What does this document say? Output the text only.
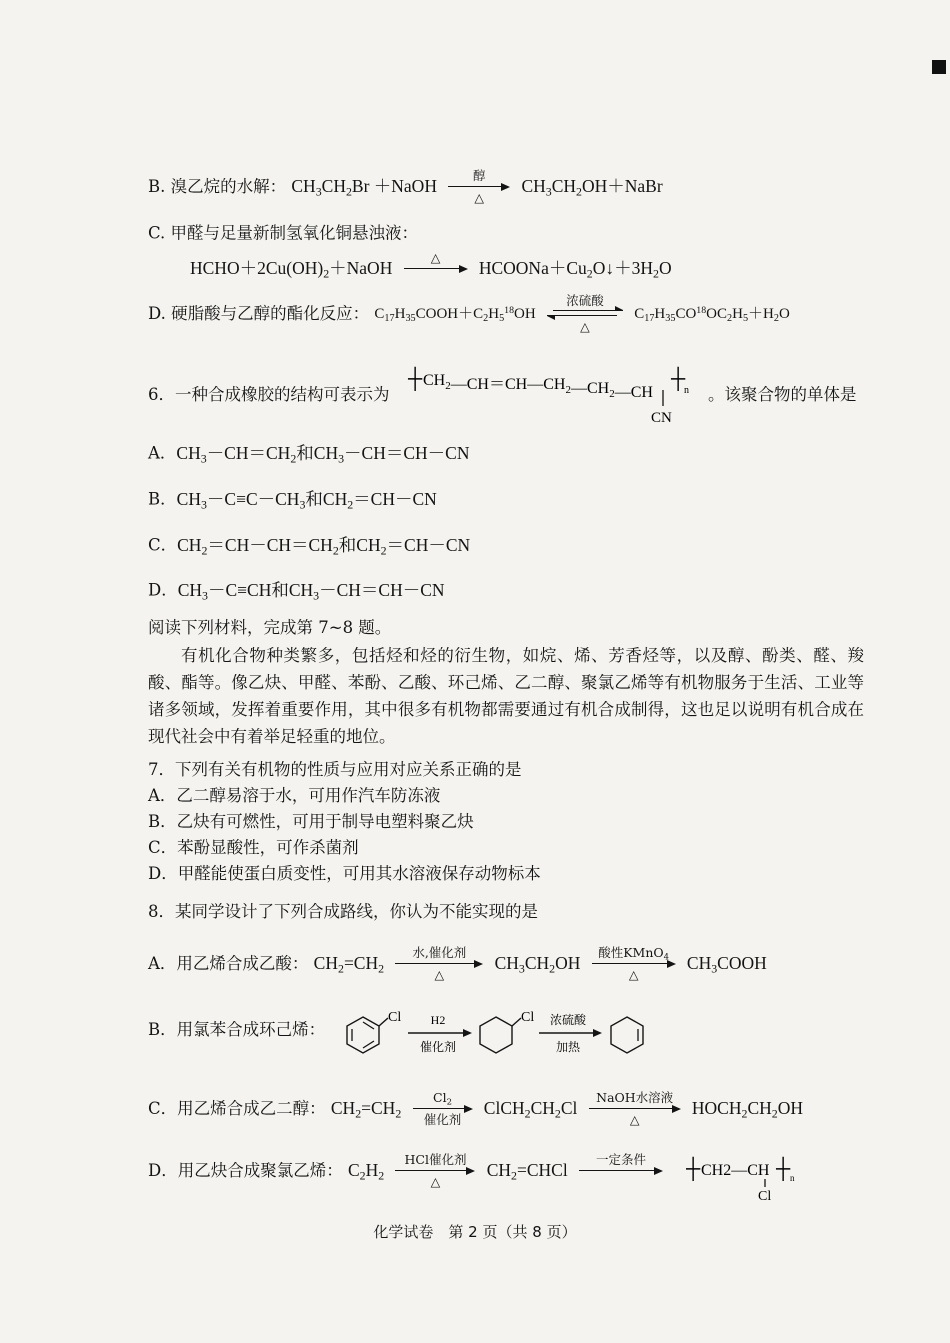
B. 溴乙烷的水解： $CH_3CH_2Br$ ＋NaOH
醇
△
$CH_3CH_2OH+NaBr$
C. 甲醛与足量新制氢氧化铜悬浊液：
$HCHO+2Cu(OH)_2+NaOH$
△
$HCOONa+Cu_2O↓+3H_2O$
D. 硬脂酸与乙醇的酯化反应： $C_{17}H_{35}COOH+C_2H_5^{18}OH$
浓硫酸
△
$C_{17}H_{35}CO^{18}OC_2H_5+H_2O$
6．一种合成橡胶的结构可表示为
┼ $CH_2—CH=CH—CH_2—CH_2—CH$
┼
n
CN
。该聚合物的单体是
A．$CH_3-CH=CH_2$和$CH_3-CH=CH-CN$
B．$CH_3-C\equiv C-CH_3$和$CH_2=CH-CN$
C．$CH_2=CH-CH=CH_2$和$CH_2=CH-CN$
D．$CH_3-C\equiv CH$和$CH_3-CH=CH-CN$
阅读下列材料，完成第 7~8 题。
有机化合物种类繁多，包括烃和烃的衍生物，如烷、烯、芳香烃等，以及醇、酚类、醛、羧酸、酯等。像乙炔、甲醛、苯酚、乙酸、环己烯、乙二醇、聚氯乙烯等有机物服务于生活、工业等诸多领域，发挥着重要作用，其中很多有机物都需要通过有机合成制得，这也足以说明有机合成在现代社会中有着举足轻重的地位。
7．下列有关有机物的性质与应用对应关系正确的是
A．乙二醇易溶于水，可用作汽车防冻液
B．乙炔有可燃性，可用于制导电塑料聚乙炔
C．苯酚显酸性，可作杀菌剂
D．甲醛能使蛋白质变性，可用其水溶液保存动物标本
8．某同学设计了下列合成路线，你认为不能实现的是
A．用乙烯合成乙酸： $CH_2=CH_2$
水,催化剂
△
$CH_3CH_2OH$
酸性KMnO$_4$
△
$CH_3COOH$
B．用氯苯合成环己烯：
Cl H2
催化剂
Cl 浓硫酸
加热
C．用乙烯合成乙二醇： $CH_2=CH_2$
$Cl_2$
催化剂
$ClCH_2CH_2Cl$
NaOH水溶液
△
$HOCH_2CH_2OH$
D．用乙炔合成聚氯乙烯： $C_2H_2$
HCl催化剂
△
$CH_2=CHCl$
一定条件	┼ CH2—CH ┼ n
Cl
化学试卷　第 2 页（共 8 页）
